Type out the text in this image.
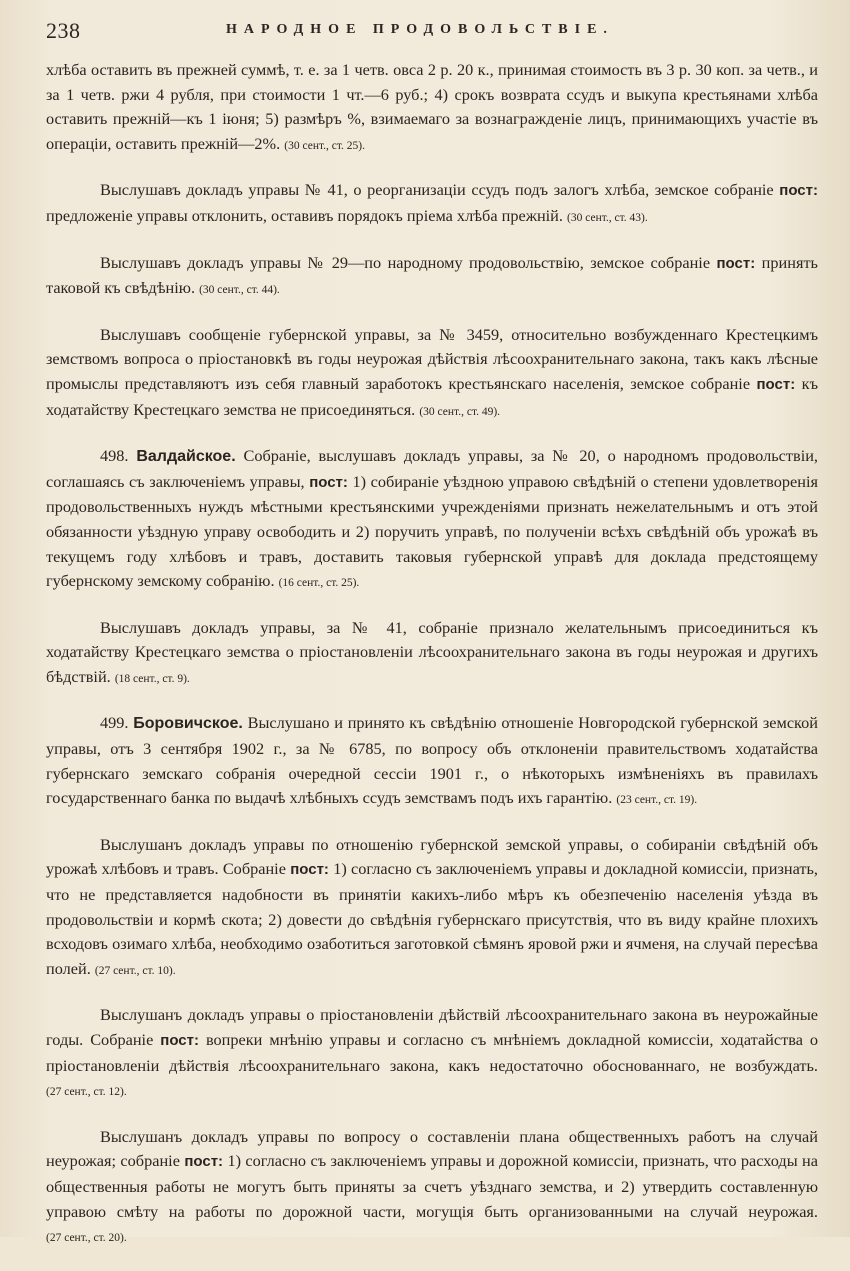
238	НАРОДНОЕ ПРОДОВОЛЬСТВІЕ.

хлѣба оставить въ прежней суммѣ, т. е. за 1 четв. овса 2 р. 20 к., принимая стоимость въ 3 р. 30 коп. за четв., и за 1 четв. ржи 4 рубля, при стоимости 1 чт.—6 руб.; 4) срокъ возврата ссудъ и выкупа крестьянами хлѣба оставить прежній—къ 1 іюня; 5) размѣръ %, взимаемаго за вознагражденіе лицъ, принимающихъ участіе въ операціи, оставить прежній—2%. (30 сент., ст. 25).

Выслушавъ докладъ управы № 41, о реорганизаціи ссудъ подъ залогъ хлѣба, земское собраніе пост: предложеніе управы отклонить, оставивъ порядокъ пріема хлѣба прежній. (30 сент., ст. 43).

Выслушавъ докладъ управы № 29—по народному продовольствію, земское собраніе пост: принять таковой къ свѣдѣнію. (30 сент., ст. 44).

Выслушавъ сообщеніе губернской управы, за № 3459, относительно возбужденнаго Крестецкимъ земствомъ вопроса о пріостановкѣ въ годы неурожая дѣйствія лѣсоохранительнаго закона, такъ какъ лѣсные промыслы представляютъ изъ себя главный заработокъ крестьянскаго населенія, земское собраніе пост: къ ходатайству Крестецкаго земства не присоединяться. (30 сент., ст. 49).

498. Валдайское. Собраніе, выслушавъ докладъ управы, за № 20, о народномъ продовольствіи, соглашаясь съ заключеніемъ управы, пост: 1) собираніе уѣздною управою свѣдѣній о степени удовлетворенія продовольственныхъ нуждъ мѣстными крестьянскими учрежденіями признать нежелательнымъ и отъ этой обязанности уѣздную управу освободить и 2) поручить управѣ, по полученіи всѣхъ свѣдѣній объ урожаѣ въ текущемъ году хлѣбовъ и травъ, доставить таковыя губернской управѣ для доклада предстоящему губернскому земскому собранію. (16 сент., ст. 25).

Выслушавъ докладъ управы, за № 41, собраніе признало желательнымъ присоединиться къ ходатайству Крестецкаго земства о пріостановленіи лѣсоохранительнаго закона въ годы неурожая и другихъ бѣдствій. (18 сент., ст. 9).

499. Боровичское. Выслушано и принято къ свѣдѣнію отношеніе Новгородской губернской земской управы, отъ 3 сентября 1902 г., за № 6785, по вопросу объ отклоненіи правительствомъ ходатайства губернскаго земскаго собранія очередной сессіи 1901 г., о нѣкоторыхъ измѣненіяхъ въ правилахъ государственнаго банка по выдачѣ хлѣбныхъ ссудъ земствамъ подъ ихъ гарантію. (23 сент., ст. 19).

Выслушанъ докладъ управы по отношенію губернской земской управы, о собираніи свѣдѣній объ урожаѣ хлѣбовъ и травъ. Собраніе пост: 1) согласно съ заключеніемъ управы и докладной комиссіи, признать, что не представляется надобности въ принятіи какихъ-либо мѣръ къ обезпеченію населенія уѣзда въ продовольствіи и кормѣ скота; 2) довести до свѣдѣнія губернскаго присутствія, что въ виду крайне плохихъ всходовъ озимаго хлѣба, необходимо озаботиться заготовкой сѣмянъ яровой ржи и ячменя, на случай пересѣва полей. (27 сент., ст. 10).

Выслушанъ докладъ управы о пріостановленіи дѣйствій лѣсоохранительнаго закона въ неурожайные годы. Собраніе пост: вопреки мнѣнію управы и согласно съ мнѣніемъ докладной комиссіи, ходатайства о пріостановленіи дѣйствія лѣсоохранительнаго закона, какъ недостаточно обоснованнаго, не возбуждать. (27 сент., ст. 12).

Выслушанъ докладъ управы по вопросу о составленіи плана общественныхъ работъ на случай неурожая; собраніе пост: 1) согласно съ заключеніемъ управы и дорожной комиссіи, признать, что расходы на общественныя работы не могутъ быть приняты за счетъ уѣзднаго земства, и 2) утвердить составленную управою смѣту на работы по дорожной части, могущія быть организованными на случай неурожая. (27 сент., ст. 20).
